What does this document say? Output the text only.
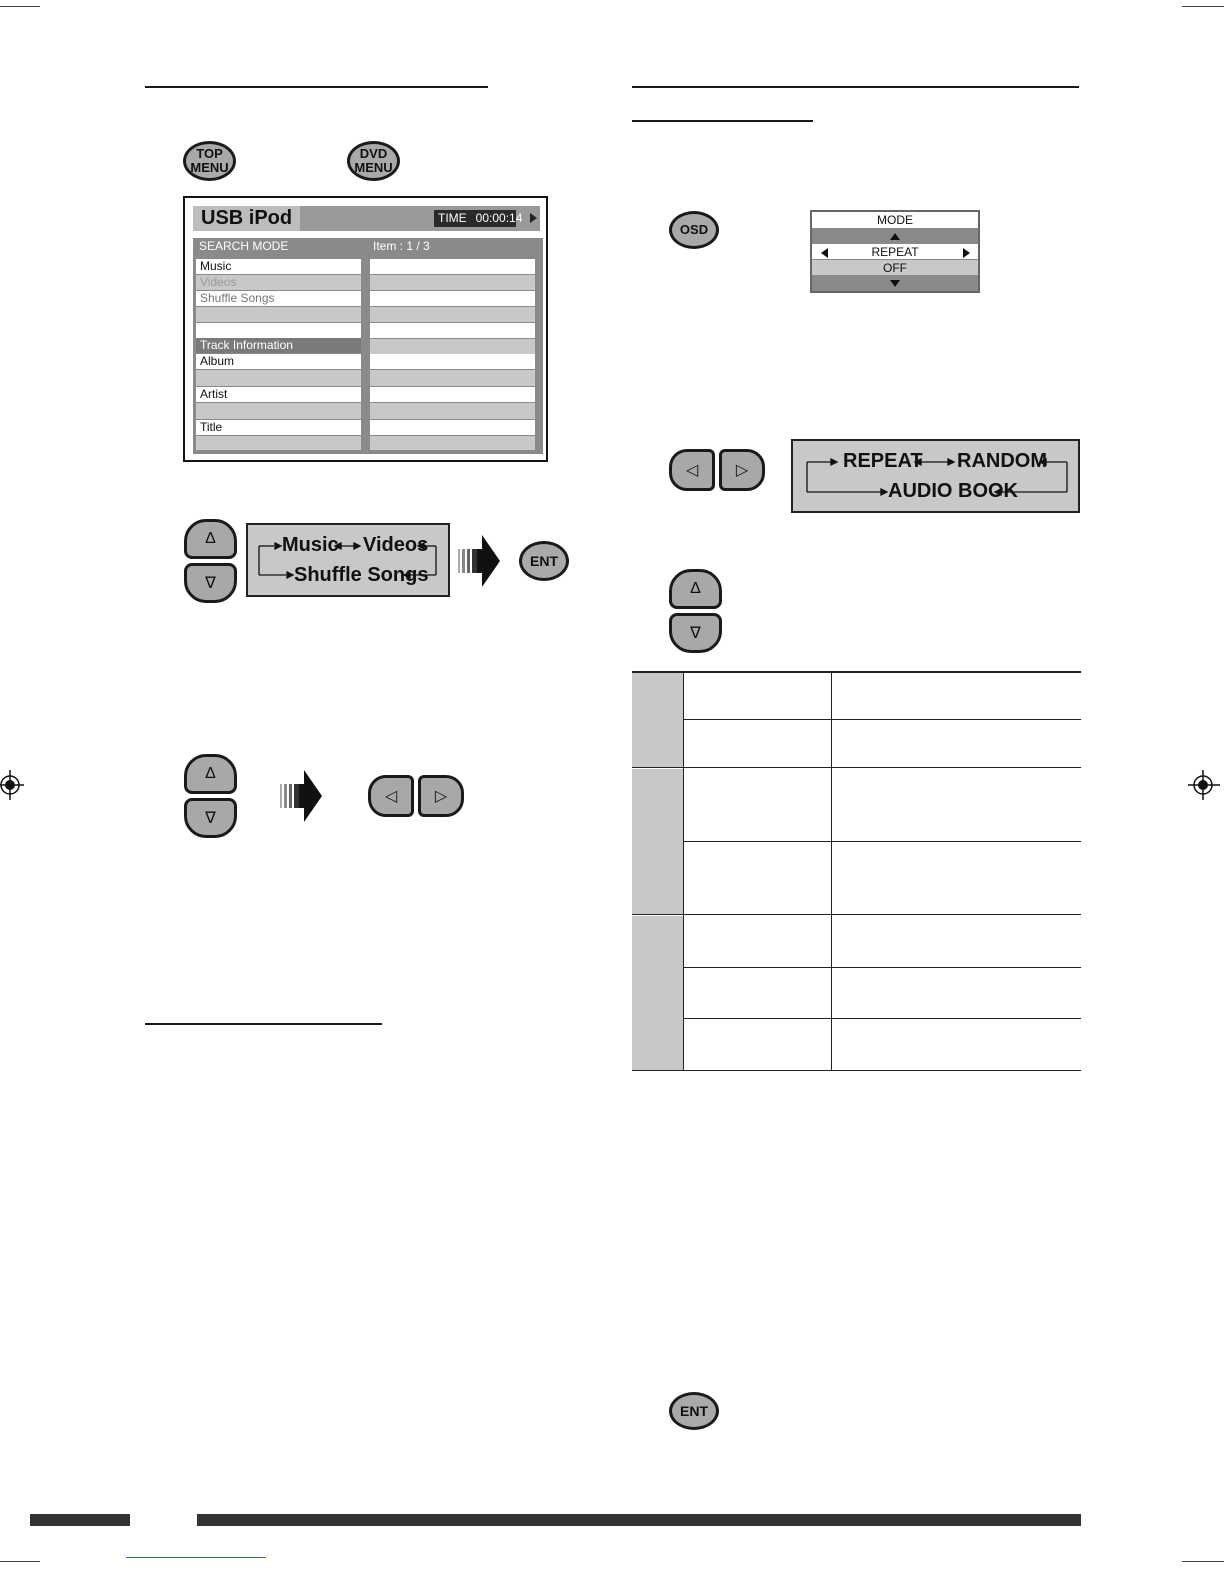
TOP
MENU
DVD
MENU
USB iPod	TIME 00:00:14
SEARCH MODE	Item : 1 / 3
Music
Videos
Shuffle Songs
Track Information
Album
Artist
Title
Δ
∇
Music Videos
Shuffle Songs
ENT
Δ
∇
◁ ▷
OSD
MODE
REPEAT
OFF
◁ ▷	REPEAT RANDOM
AUDIO BOOK
Δ
∇
ENT
